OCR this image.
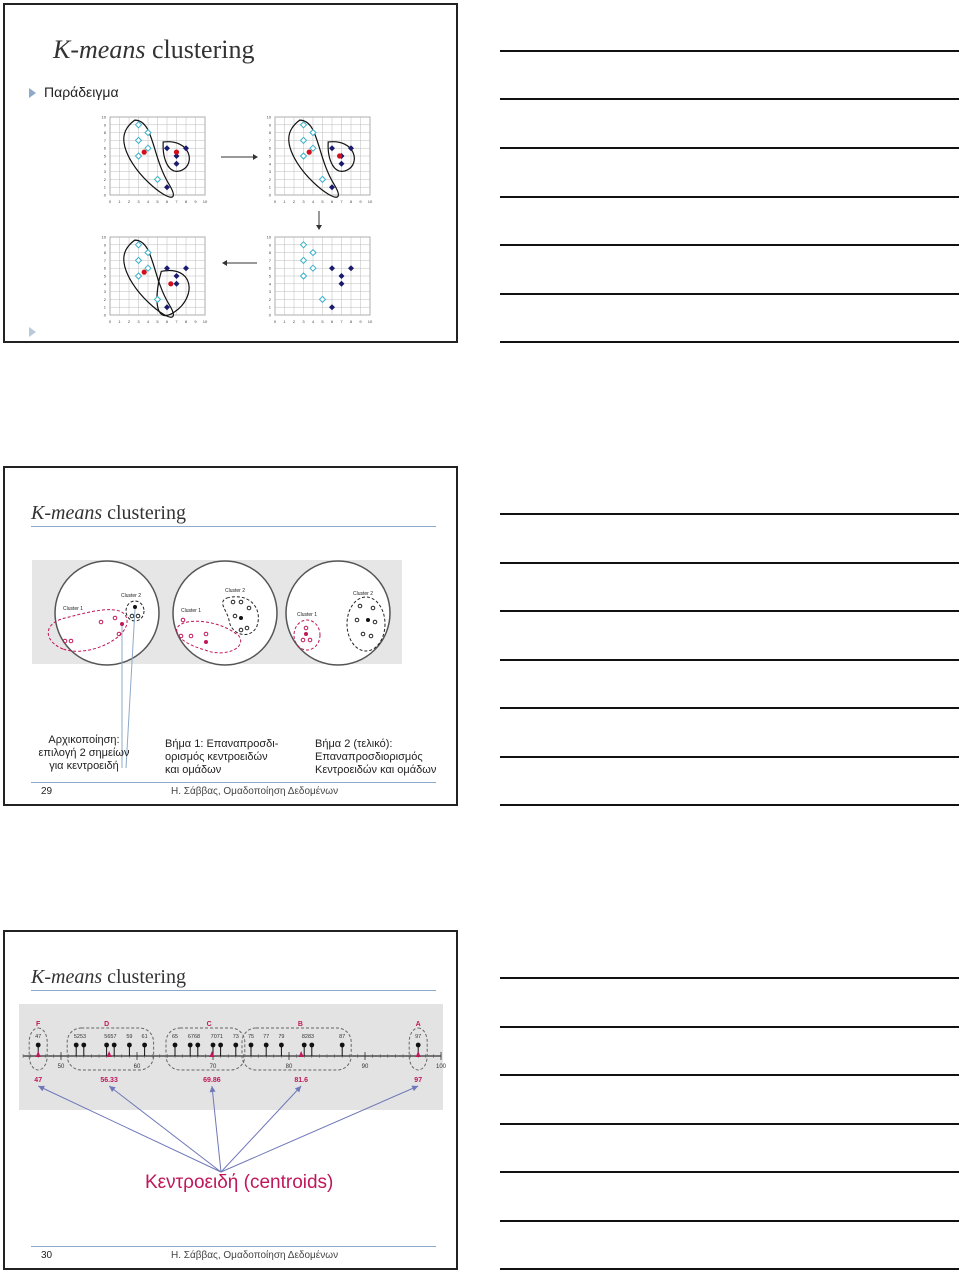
K-means clustering
Παράδειγμα
0
0
1
1
2
2
3
3
4
4
5
5
6
6
7
7
8
8
9
9
10
10
0
0
1
1
2
2
3
3
4
4
5
5
6
6
7
7
8
8
9
9
10
10
0
0
1
1
2
2
3
3
4
4
5
5
6
6
7
7
8
8
9
9
10
10
0
0
1
1
2
2
3
3
4
4
5
5
6
6
7
7
8
8
9
9
10
10
K-means clustering
Cluster 1
Cluster 2
Cluster 1
Cluster 2
Cluster 1
Cluster 2
Αρχικοποίηση:
επιλογή 2 σημείων
για κεντροειδή
Βήμα 1: Επαναπροσδι-
ορισμός κεντροειδών
και ομάδων
Βήμα 2 (τελικό):
Επαναπροσδιορισμός
Κεντροειδών και ομάδων
29	Η. Σάββας, Ομαδοποίηση Δεδομένων
K-means clustering
50	60	70	80	90	100
47	5253	5657 59 61	65 6768 7071 73 75 77 79	8283	87	97
F	D	C	B	A
47	56.33	69.86	81.6	97
Κεντροειδή (centroids)
30	Η. Σάββας, Ομαδοποίηση Δεδομένων
